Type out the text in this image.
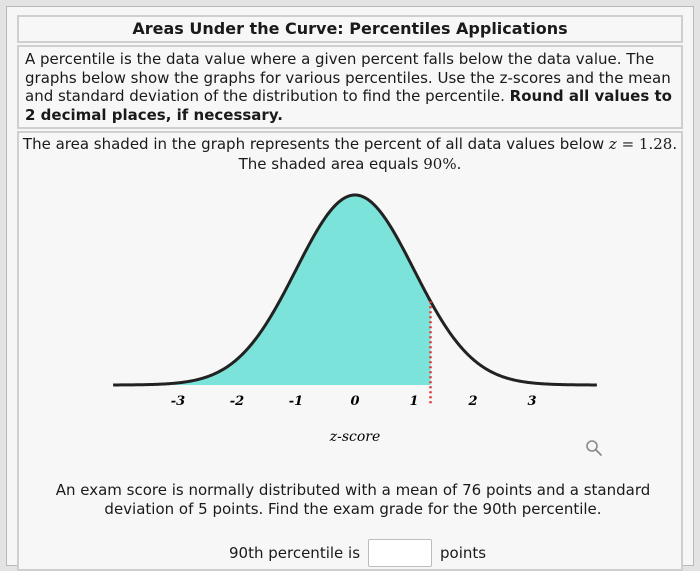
Areas Under the Curve: Percentiles Applications
A percentile is the data value where a given percent falls below the data value. The graphs below show the graphs for various percentiles. Use the z-scores and the mean and standard deviation of the distribution to find the percentile. Round all values to 2 decimal places, if necessary.
The area shaded in the graph represents the percent of all data values below z = 1.28.
The shaded area equals 90%.
-3	-2	-1	0	1	2	3
z-score
An exam score is normally distributed with a mean of 76 points and a standard deviation of 5 points. Find the exam grade for the 90th percentile.
90th percentile is	points
